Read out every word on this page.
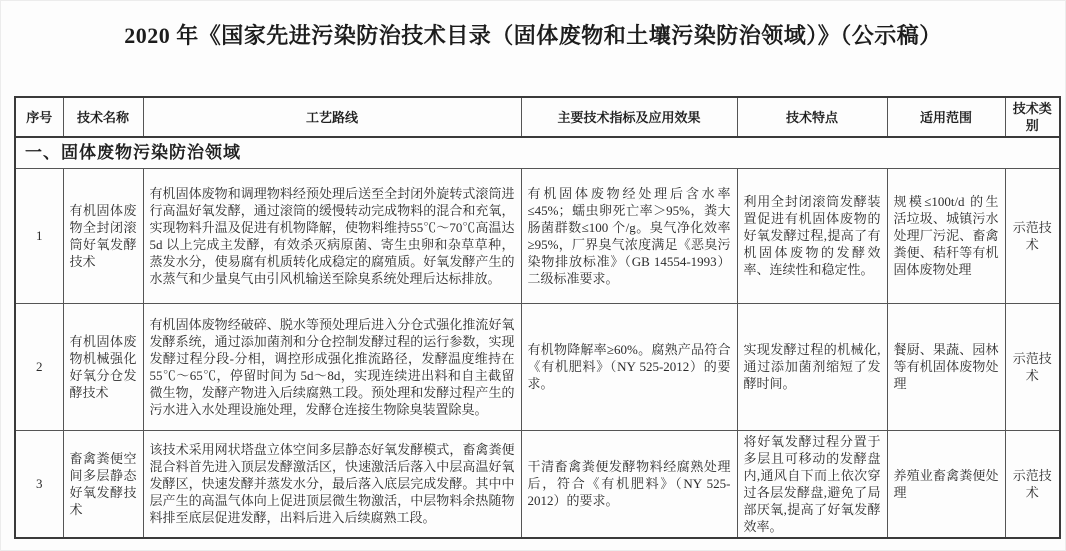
2020 年《国家先进污染防治技术目录（固体废物和土壤污染防治领域）》（公示稿）
序号	技术名称	工艺路线	主要技术指标及应用效果	技术特点	适用范围	技术类别
一、固体废物污染防治领域						
1	有机固体废物全封闭滚筒好氧发酵技术	有机固体废物和调理物料经预处理后送至全封闭外旋转式滚筒进行高温好氧发酵，通过滚筒的缓慢转动完成物料的混合和充氧，实现物料升温及促进有机物降解，使物料维持55℃～70℃高温达 5d 以上完成主发酵，有效杀灭病原菌、寄生虫卵和杂草草种，蒸发水分，使易腐有机质转化成稳定的腐殖质。好氧发酵产生的水蒸气和少量臭气由引风机输送至除臭系统处理后达标排放。	有机固体废物经处理后含水率≤45%；蠕虫卵死亡率＞95%，粪大肠菌群数≤100 个/g。臭气净化效率≥95%，厂界臭气浓度满足《恶臭污染物排放标准》（GB 14554-1993）二级标准要求。	利用全封闭滚筒发酵装置促进有机固体废物的好氧发酵过程,提高了有机固体废物的发酵效率、连续性和稳定性。	规模≤100t/d 的生活垃圾、城镇污水处理厂污泥、畜禽粪便、秸秆等有机固体废物处理	示范技术
2	有机固体废物机械强化好氧分仓发酵技术	有机固体废物经破碎、脱水等预处理后进入分仓式强化推流好氧发酵系统，通过添加菌剂和分仓控制发酵过程的运行参数，实现发酵过程分段-分相，调控形成强化推流路径，发酵温度维持在 55℃～65℃，停留时间为 5d～8d，实现连续进出料和自主截留微生物，发酵产物进入后续腐熟工段。预处理和发酵过程产生的污水进入水处理设施处理，发酵仓连接生物除臭装置除臭。	有机物降解率≥60%。腐熟产品符合《有机肥料》（NY 525-2012）的要求。	实现发酵过程的机械化,通过添加菌剂缩短了发酵时间。	餐厨、果蔬、园林等有机固体废物处理	示范技术
3	畜禽粪便空间多层静态好氧发酵技术	该技术采用网状塔盘立体空间多层静态好氧发酵模式，畜禽粪便混合料首先进入顶层发酵激活区，快速激活后落入中层高温好氧发酵区，快速发酵并蒸发水分，最后落入底层完成发酵。其中中层产生的高温气体向上促进顶层微生物激活，中层物料余热随物料排至底层促进发酵，出料后进入后续腐熟工段。	干清畜禽粪便发酵物料经腐熟处理后，符合《有机肥料》（NY 525-2012）的要求。	将好氧发酵过程分置于多层且可移动的发酵盘内,通风自下而上依次穿过各层发酵盘,避免了局部厌氧,提高了好氧发酵效率。	养殖业畜禽粪便处理	示范技术
